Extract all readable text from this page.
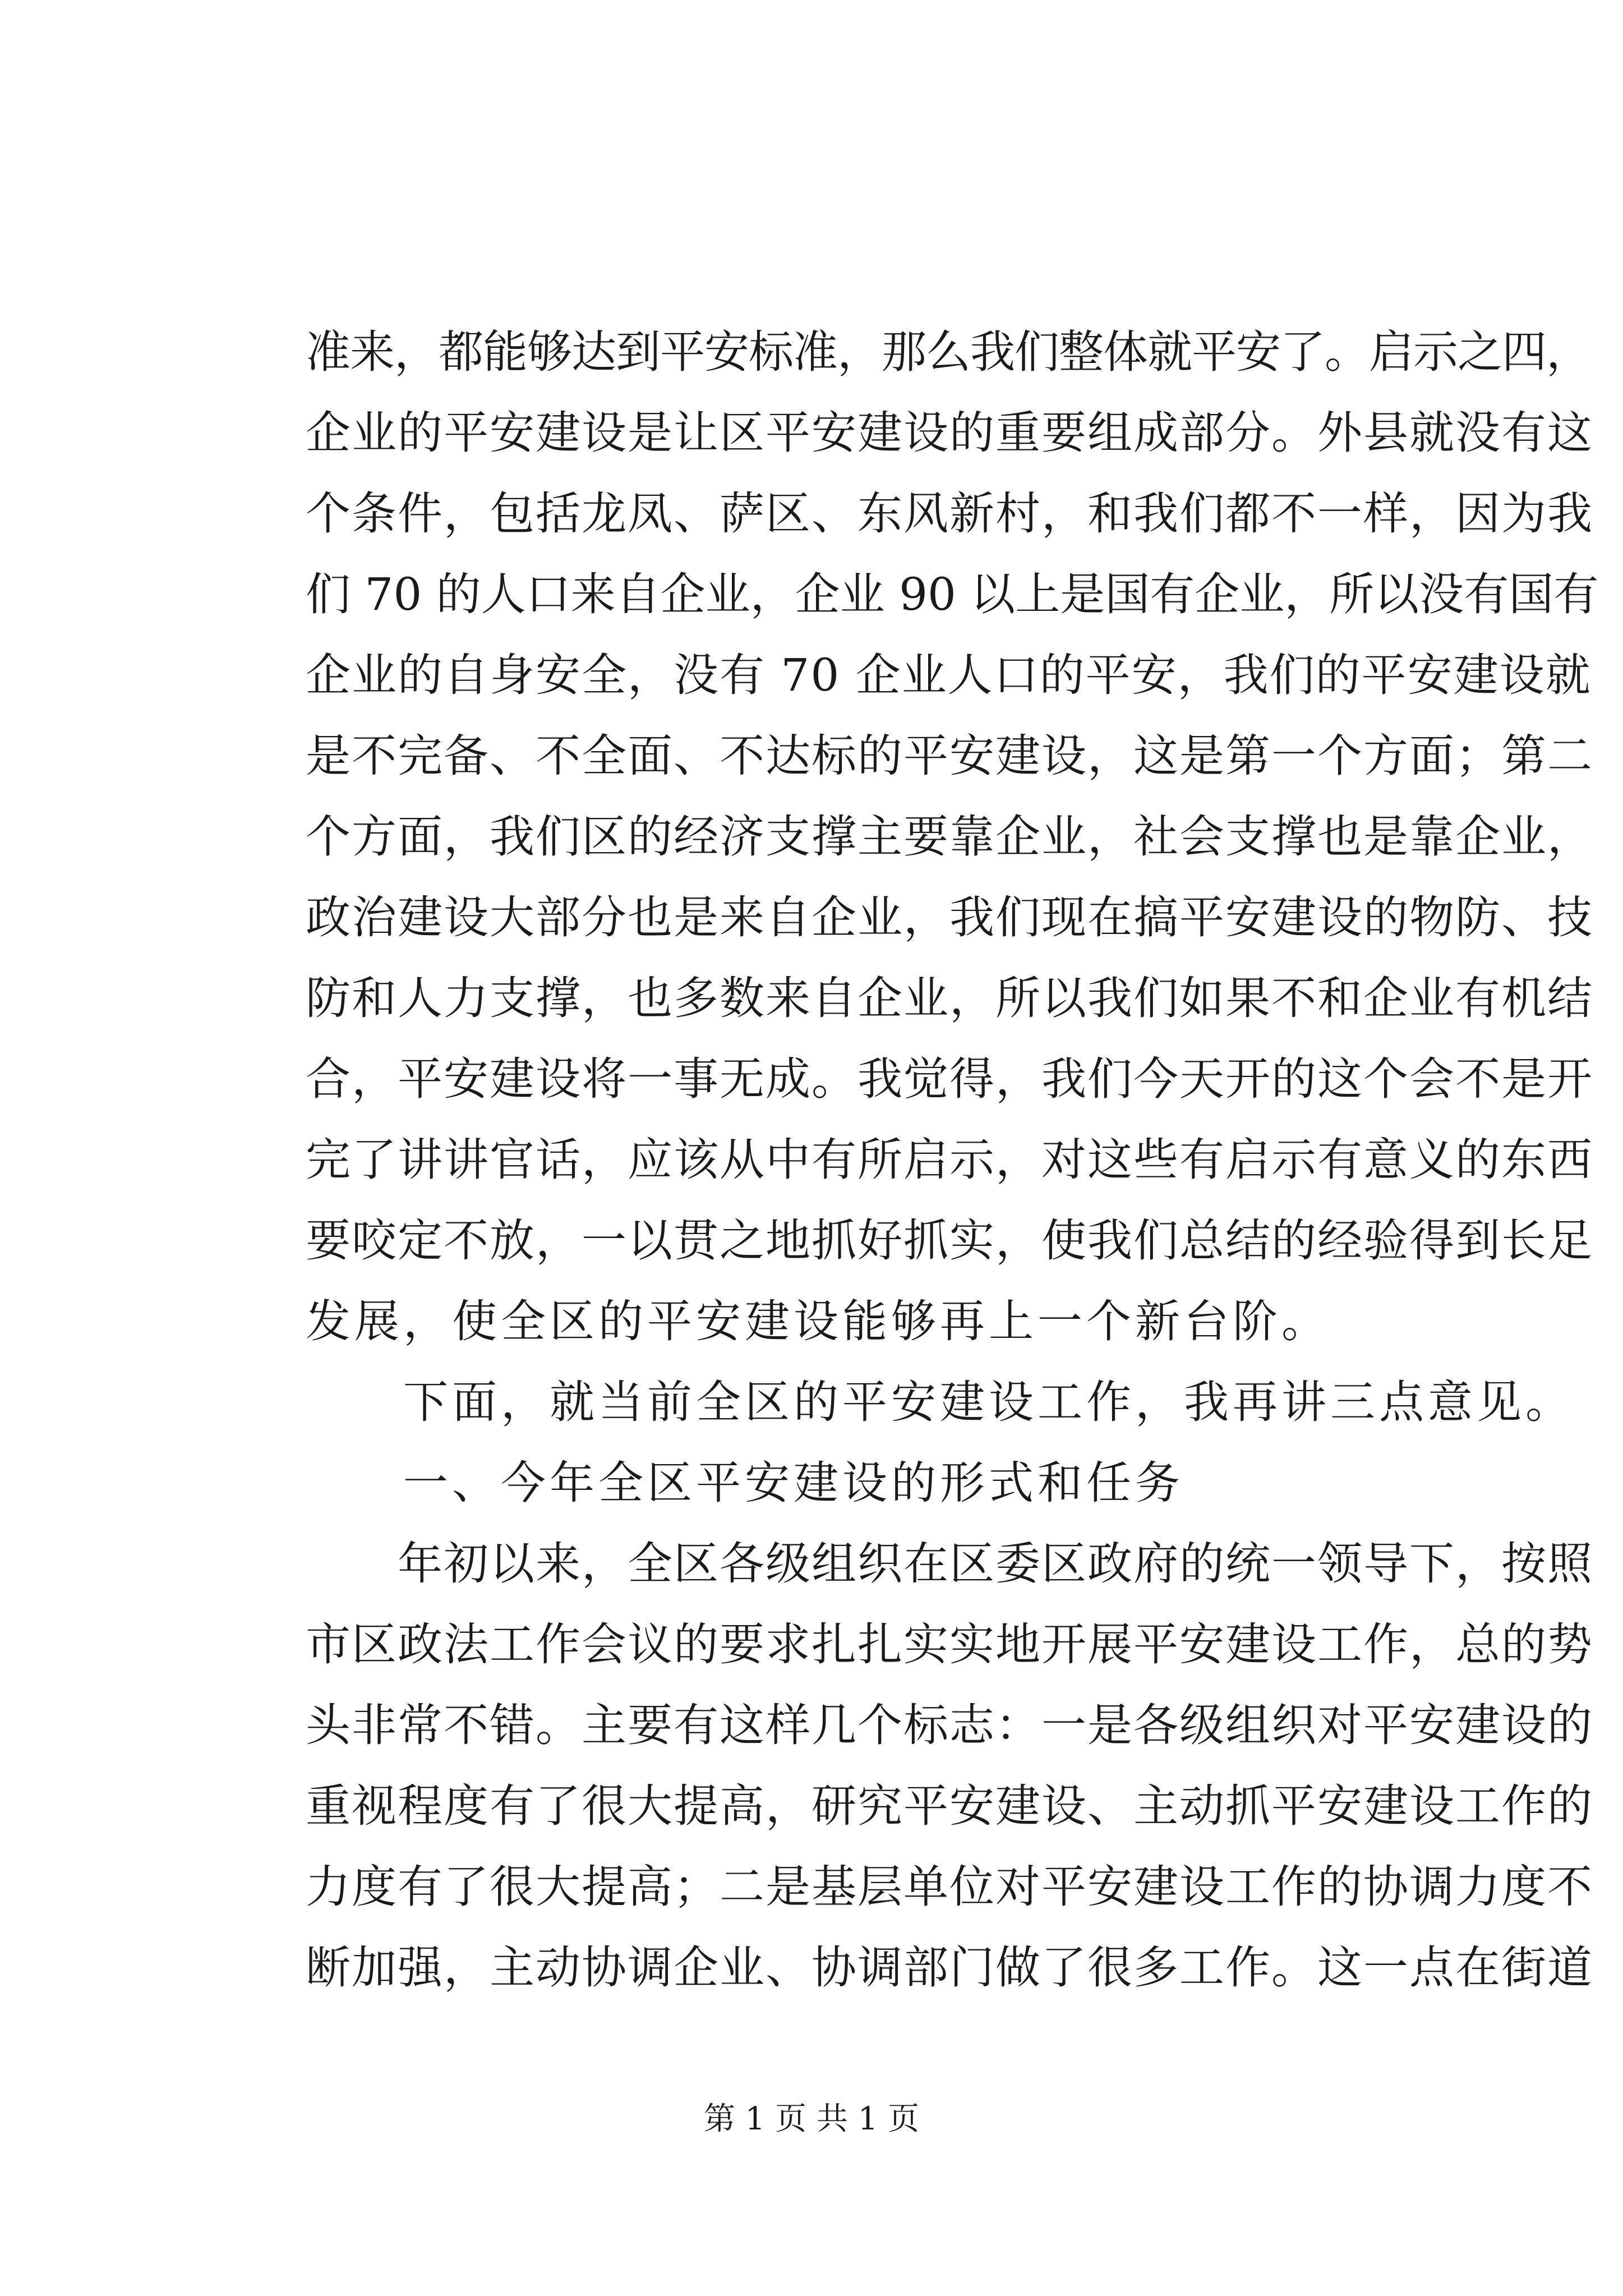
准来，都能够达到平安标准，那么我们整体就平安了。启示之四，
企业的平安建设是让区平安建设的重要组成部分。外县就没有这
个条件，包括龙凤、萨区、东风新村，和我们都不一样，因为我
们 70 的人口来自企业，企业 90 以上是国有企业，所以没有国有
企业的自身安全，没有 70 企业人口的平安，我们的平安建设就
是不完备、不全面、不达标的平安建设，这是第一个方面；第二
个方面，我们区的经济支撑主要靠企业，社会支撑也是靠企业，
政治建设大部分也是来自企业，我们现在搞平安建设的物防、技
防和人力支撑，也多数来自企业，所以我们如果不和企业有机结
合，平安建设将一事无成。我觉得，我们今天开的这个会不是开
完了讲讲官话，应该从中有所启示，对这些有启示有意义的东西
要咬定不放，一以贯之地抓好抓实，使我们总结的经验得到长足
发展，使全区的平安建设能够再上一个新台阶。
　　下面，就当前全区的平安建设工作，我再讲三点意见。
　　一、今年全区平安建设的形式和任务
　　年初以来，全区各级组织在区委区政府的统一领导下，按照
市区政法工作会议的要求扎扎实实地开展平安建设工作，总的势
头非常不错。主要有这样几个标志：一是各级组织对平安建设的
重视程度有了很大提高，研究平安建设、主动抓平安建设工作的
力度有了很大提高；二是基层单位对平安建设工作的协调力度不
断加强，主动协调企业、协调部门做了很多工作。这一点在街道
第 1 页 共 1 页
